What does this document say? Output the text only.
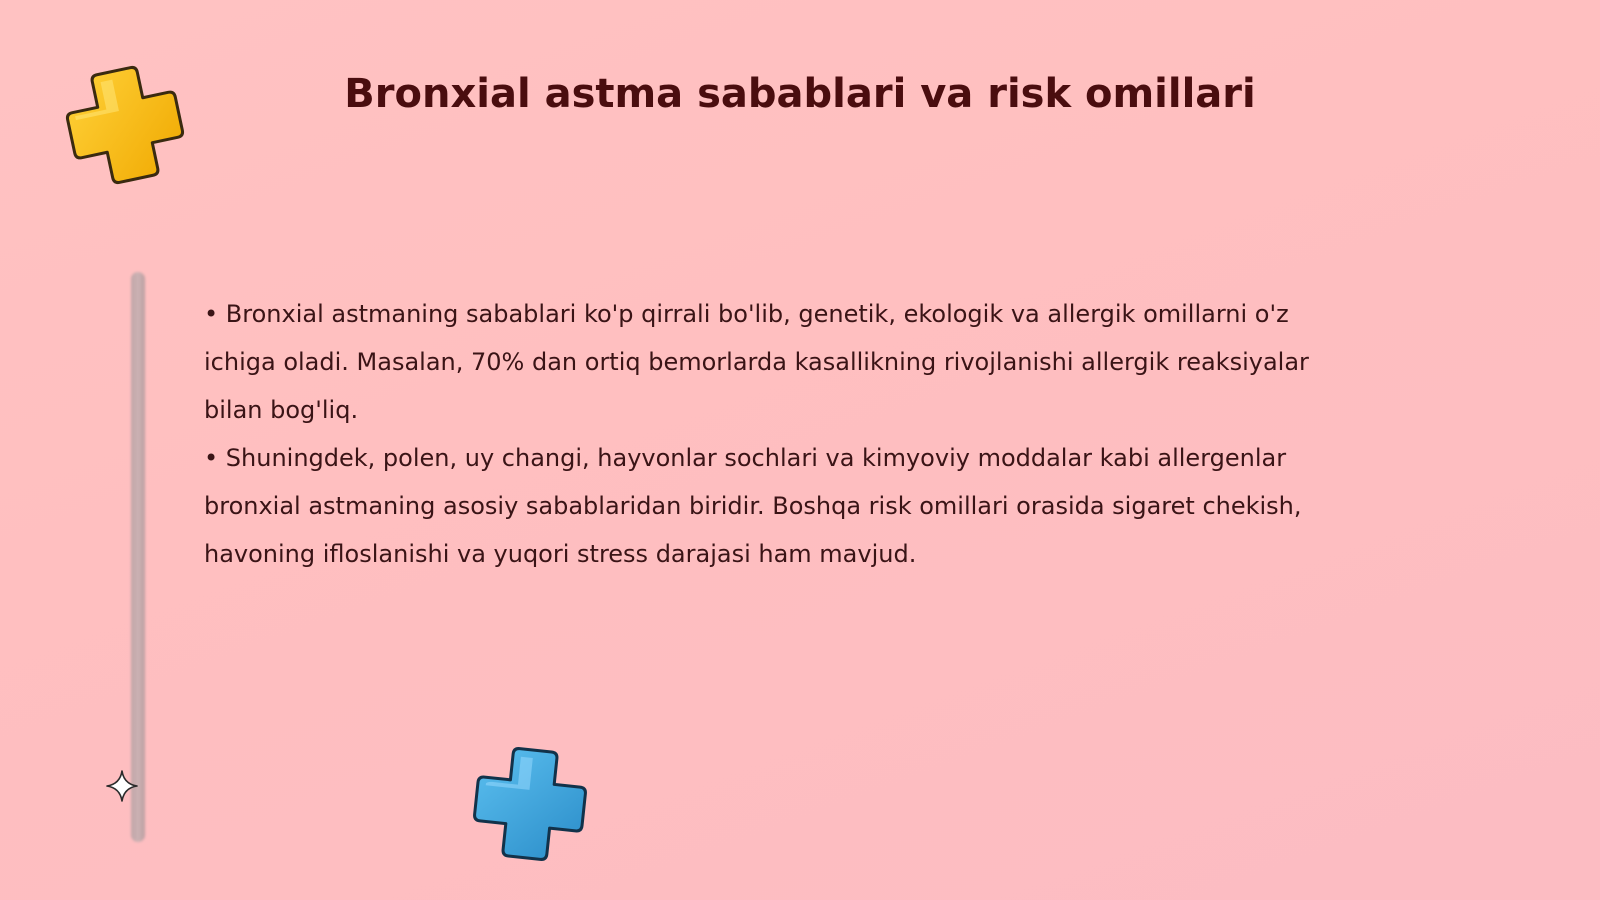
Bronxial astma sabablari va risk omillari

• Bronxial astmaning sabablari ko'p qirrali bo'lib, genetik, ekologik va allergik omillarni o'z ichiga oladi. Masalan, 70% dan ortiq bemorlarda kasallikning rivojlanishi allergik reaksiyalar bilan bog'liq.

• Shuningdek, polen, uy changi, hayvonlar sochlari va kimyoviy moddalar kabi allergenlar bronxial astmaning asosiy sabablaridan biridir. Boshqa risk omillari orasida sigaret chekish, havoning ifloslanishi va yuqori stress darajasi ham mavjud.
